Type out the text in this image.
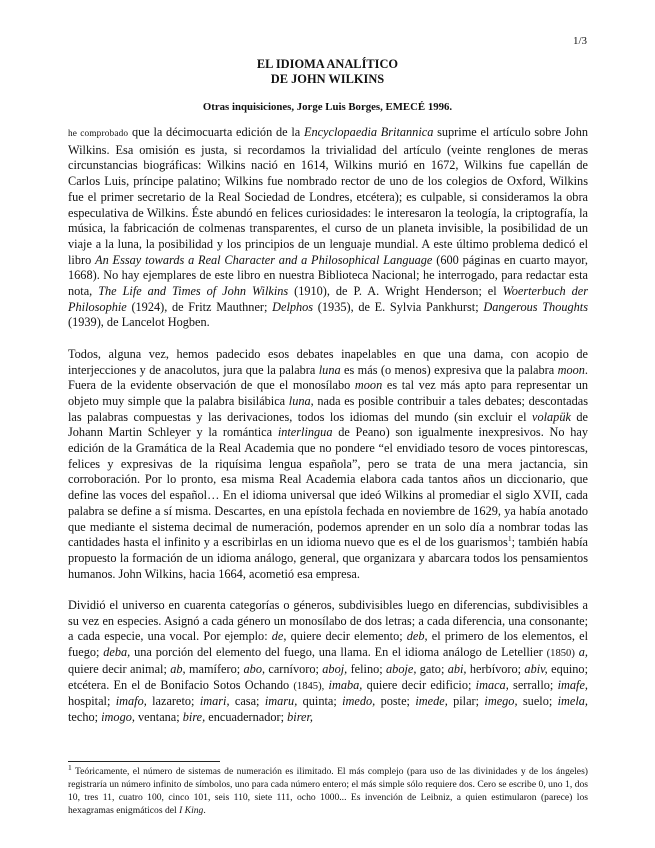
1/3
EL IDIOMA ANALÍTICO
DE JOHN WILKINS
Otras inquisiciones, Jorge Luis Borges, EMECÉ 1996.

he comprobado que la décimocuarta edición de la Encyclopaedia Britannica suprime el artículo sobre John Wilkins. Esa omisión es justa, si recordamos la trivialidad del artículo (veinte renglones de meras circunstancias biográficas: Wilkins nació en 1614, Wilkins murió en 1672, Wilkins fue capellán de Carlos Luis, príncipe palatino; Wilkins fue nombrado rector de uno de los colegios de Oxford, Wilkins fue el primer secretario de la Real Sociedad de Londres, etcétera); es culpable, si consideramos la obra especulativa de Wilkins. Éste abundó en felices curiosidades: le interesaron la teología, la criptografía, la música, la fabricación de colmenas transparentes, el curso de un planeta invisible, la posibilidad de un viaje a la luna, la posibilidad y los principios de un lenguaje mundial. A este último problema dedicó el libro An Essay towards a Real Character and a Philosophical Language (600 páginas en cuarto mayor, 1668). No hay ejemplares de este libro en nuestra Biblioteca Nacional; he interrogado, para redactar esta nota, The Life and Times of John Wilkins (1910), de P. A. Wright Henderson; el Woerterbuch der Philosophie (1924), de Fritz Mauthner; Delphos (1935), de E. Sylvia Pankhurst; Dangerous Thoughts (1939), de Lancelot Hogben.

Todos, alguna vez, hemos padecido esos debates inapelables en que una dama, con acopio de interjecciones y de anacolutos, jura que la palabra luna es más (o menos) expresiva que la palabra moon. Fuera de la evidente observación de que el monosílabo moon es tal vez más apto para representar un objeto muy simple que la palabra bisilábica luna, nada es posible contribuir a tales debates; descontadas las palabras compuestas y las derivaciones, todos los idiomas del mundo (sin excluir el volapük de Johann Martin Schleyer y la romántica interlingua de Peano) son igualmente inexpresivos. No hay edición de la Gramática de la Real Academia que no pondere “el envidiado tesoro de voces pintorescas, felices y expresivas de la riquísima lengua española”, pero se trata de una mera jactancia, sin corroboración. Por lo pronto, esa misma Real Academia elabora cada tantos años un diccionario, que define las voces del español… En el idioma universal que ideó Wilkins al promediar el siglo XVII, cada palabra se define a sí misma. Descartes, en una epístola fechada en noviembre de 1629, ya había anotado que mediante el sistema decimal de numeración, podemos aprender en un solo día a nombrar todas las cantidades hasta el infinito y a escribirlas en un idioma nuevo que es el de los guarismos$^1$; también había propuesto la formación de un idioma análogo, general, que organizara y abarcara todos los pensamientos humanos. John Wilkins, hacia 1664, acometió esa empresa.

Dividió el universo en cuarenta categorías o géneros, subdivisibles luego en diferencias, subdivisibles a su vez en especies. Asignó a cada género un monosílabo de dos letras; a cada diferencia, una consonante; a cada especie, una vocal. Por ejemplo: de, quiere decir elemento; deb, el primero de los elementos, el fuego; deba, una porción del elemento del fuego, una llama. En el idioma análogo de Letellier (1850) a, quiere decir animal; ab, mamífero; abo, carnívoro; aboj, felino; aboje, gato; abi, herbívoro; abiv, equino; etcétera. En el de Bonifacio Sotos Ochando (1845), imaba, quiere decir edificio; imaca, serrallo; imafe, hospital; imafo, lazareto; imari, casa; imaru, quinta; imedo, poste; imede, pilar; imego, suelo; imela, techo; imogo, ventana; bire, encuadernador; birer,

$^1$ Teóricamente, el número de sistemas de numeración es ilimitado. El más complejo (para uso de las divinidades y de los ángeles) registraría un número infinito de símbolos, uno para cada número entero; el más simple sólo requiere dos. Cero se escribe 0, uno 1, dos 10, tres 11, cuatro 100, cinco 101, seis 110, siete 111, ocho 1000... Es invención de Leibniz, a quien estimularon (parece) los hexagramas enigmáticos del I King.
